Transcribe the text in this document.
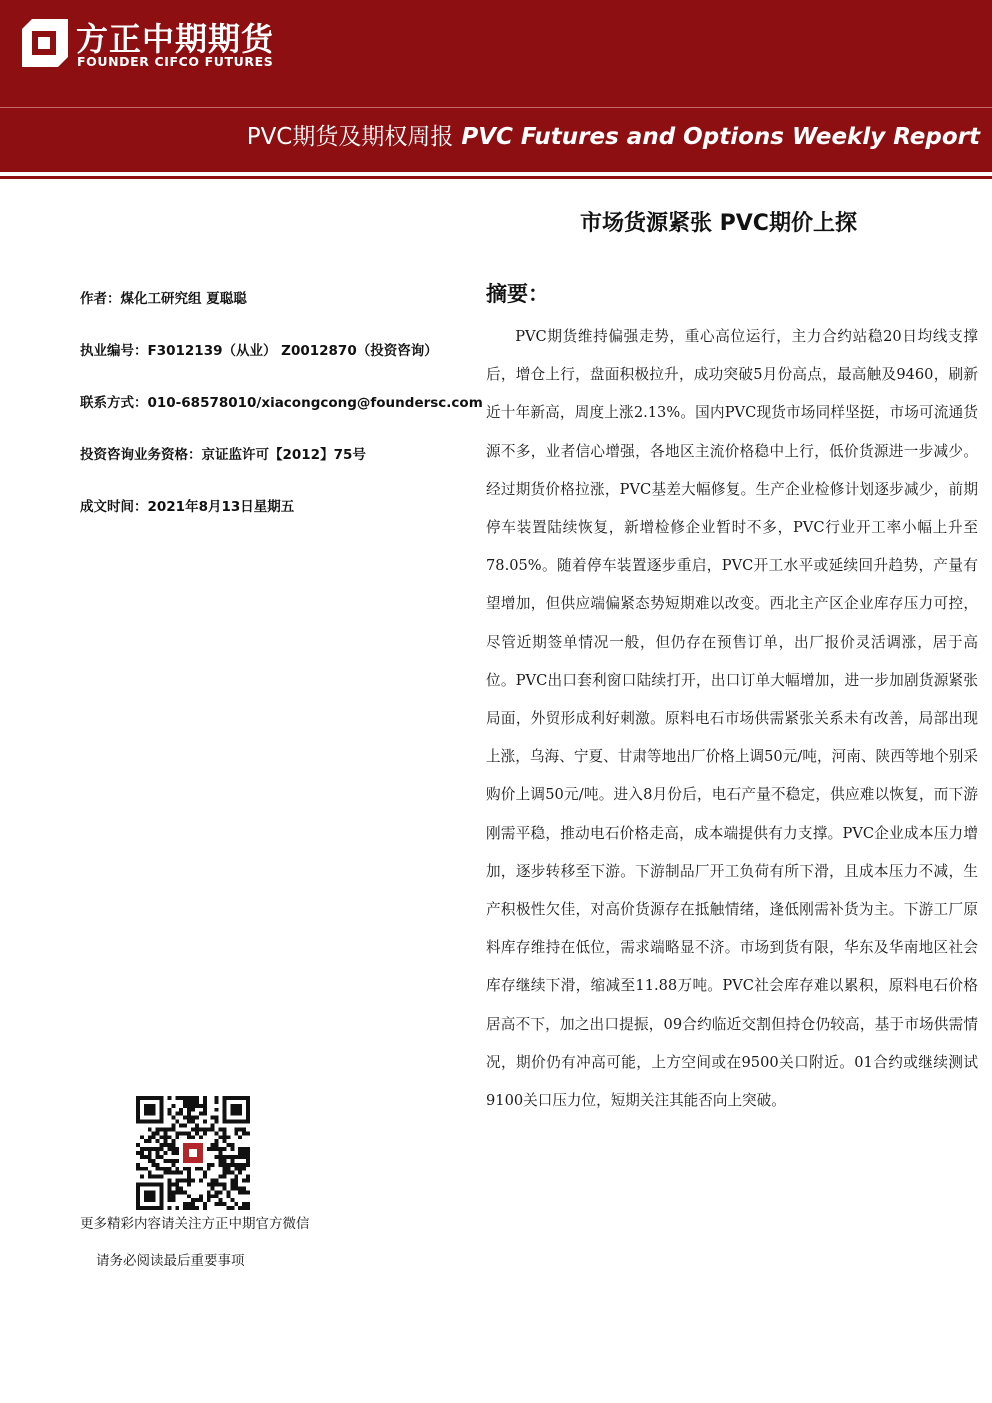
方正中期期货
FOUNDER CIFCO FUTURES
PVC期货及期权周报 PVC Futures and Options Weekly Report
市场货源紧张 PVC期价上探
作者：煤化工研究组 夏聪聪
执业编号：F3012139（从业） Z0012870（投资咨询）
联系方式：010-68578010/xiacongcong@foundersc.com
投资咨询业务资格：京证监许可【2012】75号
成文时间：2021年8月13日星期五
摘要：

PVC期货维持偏强走势，重心高位运行，主力合约站稳20日均线支撑后，增仓上行，盘面积极拉升，成功突破5月份高点，最高触及9460，刷新近十年新高，周度上涨2.13%。国内PVC现货市场同样坚挺，市场可流通货源不多，业者信心增强，各地区主流价格稳中上行，低价货源进一步减少。经过期货价格拉涨，PVC基差大幅修复。生产企业检修计划逐步减少，前期停车装置陆续恢复，新增检修企业暂时不多，PVC行业开工率小幅上升至78.05%。随着停车装置逐步重启，PVC开工水平或延续回升趋势，产量有望增加，但供应端偏紧态势短期难以改变。西北主产区企业库存压力可控，尽管近期签单情况一般，但仍存在预售订单，出厂报价灵活调涨，居于高位。PVC出口套利窗口陆续打开，出口订单大幅增加，进一步加剧货源紧张局面，外贸形成利好刺激。原料电石市场供需紧张关系未有改善，局部出现上涨，乌海、宁夏、甘肃等地出厂价格上调50元/吨，河南、陕西等地个别采购价上调50元/吨。进入8月份后，电石产量不稳定，供应难以恢复，而下游刚需平稳，推动电石价格走高，成本端提供有力支撑。PVC企业成本压力增加，逐步转移至下游。下游制品厂开工负荷有所下滑，且成本压力不减，生产积极性欠佳，对高价货源存在抵触情绪，逢低刚需补货为主。下游工厂原料库存维持在低位，需求端略显不济。市场到货有限，华东及华南地区社会库存继续下滑，缩减至11.88万吨。PVC社会库存难以累积，原料电石价格居高不下，加之出口提振，09合约临近交割但持仓仍较高，基于市场供需情况，期价仍有冲高可能，上方空间或在9500关口附近。01合约或继续测试9100关口压力位，短期关注其能否向上突破。

更多精彩内容请关注方正中期官方微信
请务必阅读最后重要事项
